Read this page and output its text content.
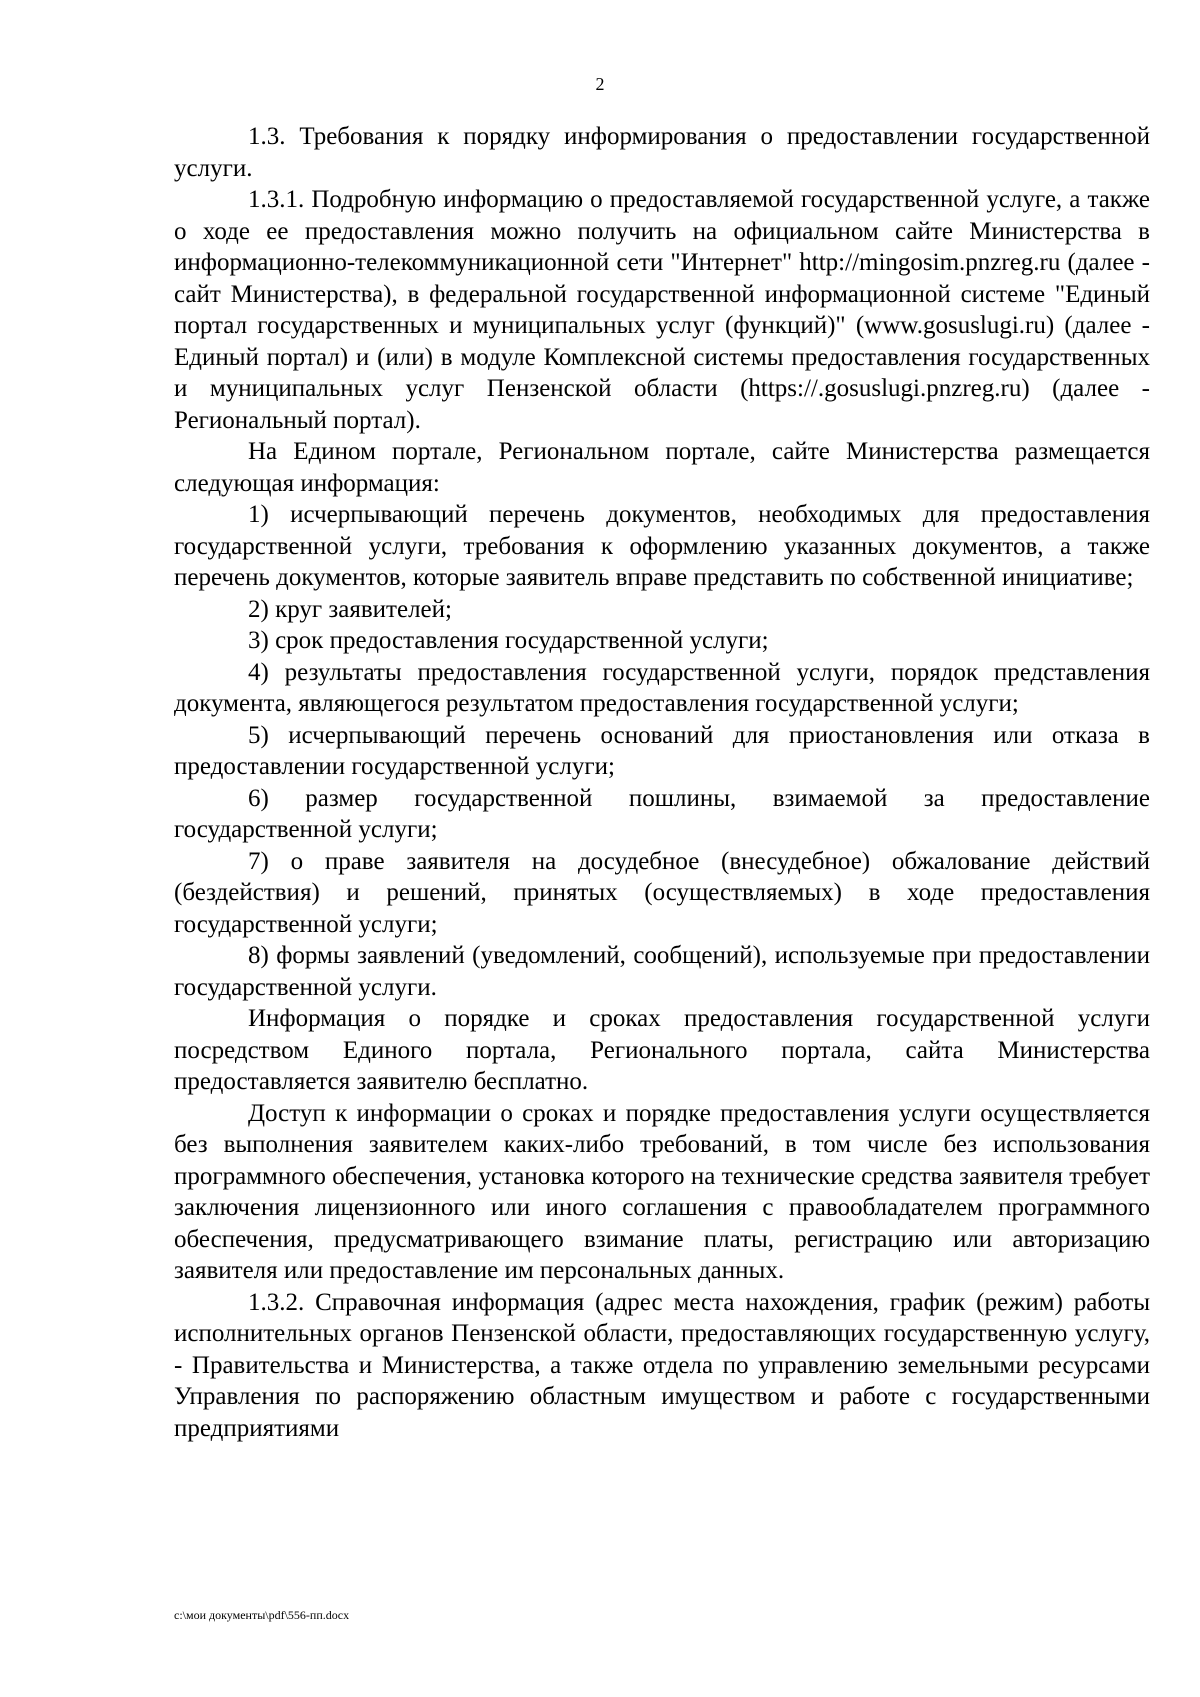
2

1.3. Требования к порядку информирования о предоставлении государственной услуги.

1.3.1. Подробную информацию о предоставляемой государственной услуге, а также о ходе ее предоставления можно получить на официальном сайте Министерства в информационно-телекоммуникационной сети "Интернет" http://mingosim.pnzreg.ru (далее - сайт Министерства), в федеральной государственной информационной системе "Единый портал государственных и муниципальных услуг (функций)" (www.gosuslugi.ru) (далее - Единый портал) и (или) в модуле Комплексной системы предоставления государственных и муниципальных услуг Пензенской области (https://.gosuslugi.pnzreg.ru) (далее - Региональный портал).

На Едином портале, Региональном портале, сайте Министерства размещается следующая информация:

1) исчерпывающий перечень документов, необходимых для предоставления государственной услуги, требования к оформлению указанных документов, а также перечень документов, которые заявитель вправе представить по собственной инициативе;

2) круг заявителей;

3) срок предоставления государственной услуги;

4) результаты предоставления государственной услуги, порядок представления документа, являющегося результатом предоставления государственной услуги;

5) исчерпывающий перечень оснований для приостановления или отказа в предоставлении государственной услуги;

6) размер государственной пошлины, взимаемой за предоставление государственной услуги;

7) о праве заявителя на досудебное (внесудебное) обжалование действий (бездействия) и решений, принятых (осуществляемых) в ходе предоставления государственной услуги;

8) формы заявлений (уведомлений, сообщений), используемые при предоставлении государственной услуги.

Информация о порядке и сроках предоставления государственной услуги посредством Единого портала, Регионального портала, сайта Министерства предоставляется заявителю бесплатно.

Доступ к информации о сроках и порядке предоставления услуги осуществляется без выполнения заявителем каких-либо требований, в том числе без использования программного обеспечения, установка которого на технические средства заявителя требует заключения лицензионного или иного соглашения с правообладателем программного обеспечения, предусматривающего взимание платы, регистрацию или авторизацию заявителя или предоставление им персональных данных.

1.3.2. Справочная информация (адрес места нахождения, график (режим) работы исполнительных органов Пензенской области, предоставляющих государственную услугу, - Правительства и Министерства, а также отдела по управлению земельными ресурсами Управления по распоряжению областным имуществом и работе с государственными предприятиями

c:\мои документы\pdf\556-пп.docx
